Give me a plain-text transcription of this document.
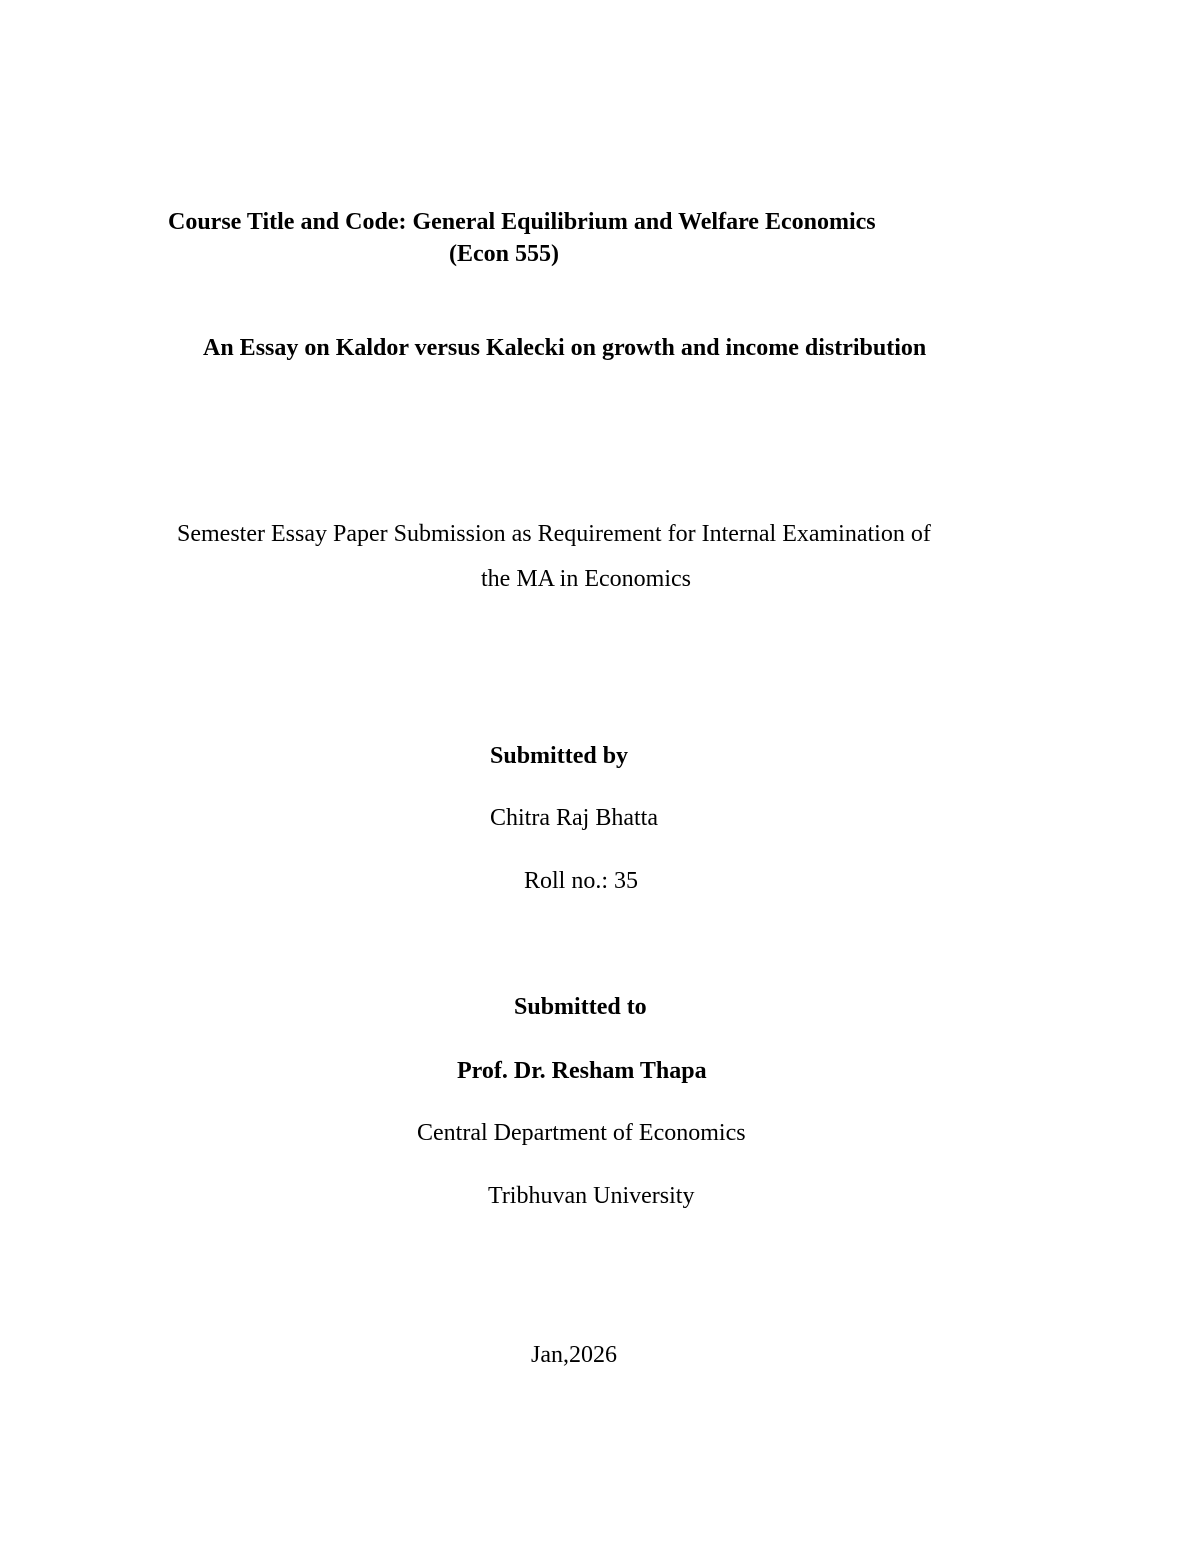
Course Title and Code: General Equilibrium and Welfare Economics
(Econ 555)
An Essay on Kaldor versus Kalecki on growth and income distribution
Semester Essay Paper Submission as Requirement for Internal Examination of
the MA in Economics
Submitted by
Chitra Raj Bhatta
Roll no.: 35
Submitted to
Prof. Dr. Resham Thapa
Central Department of Economics
Tribhuvan University
Jan,2026
